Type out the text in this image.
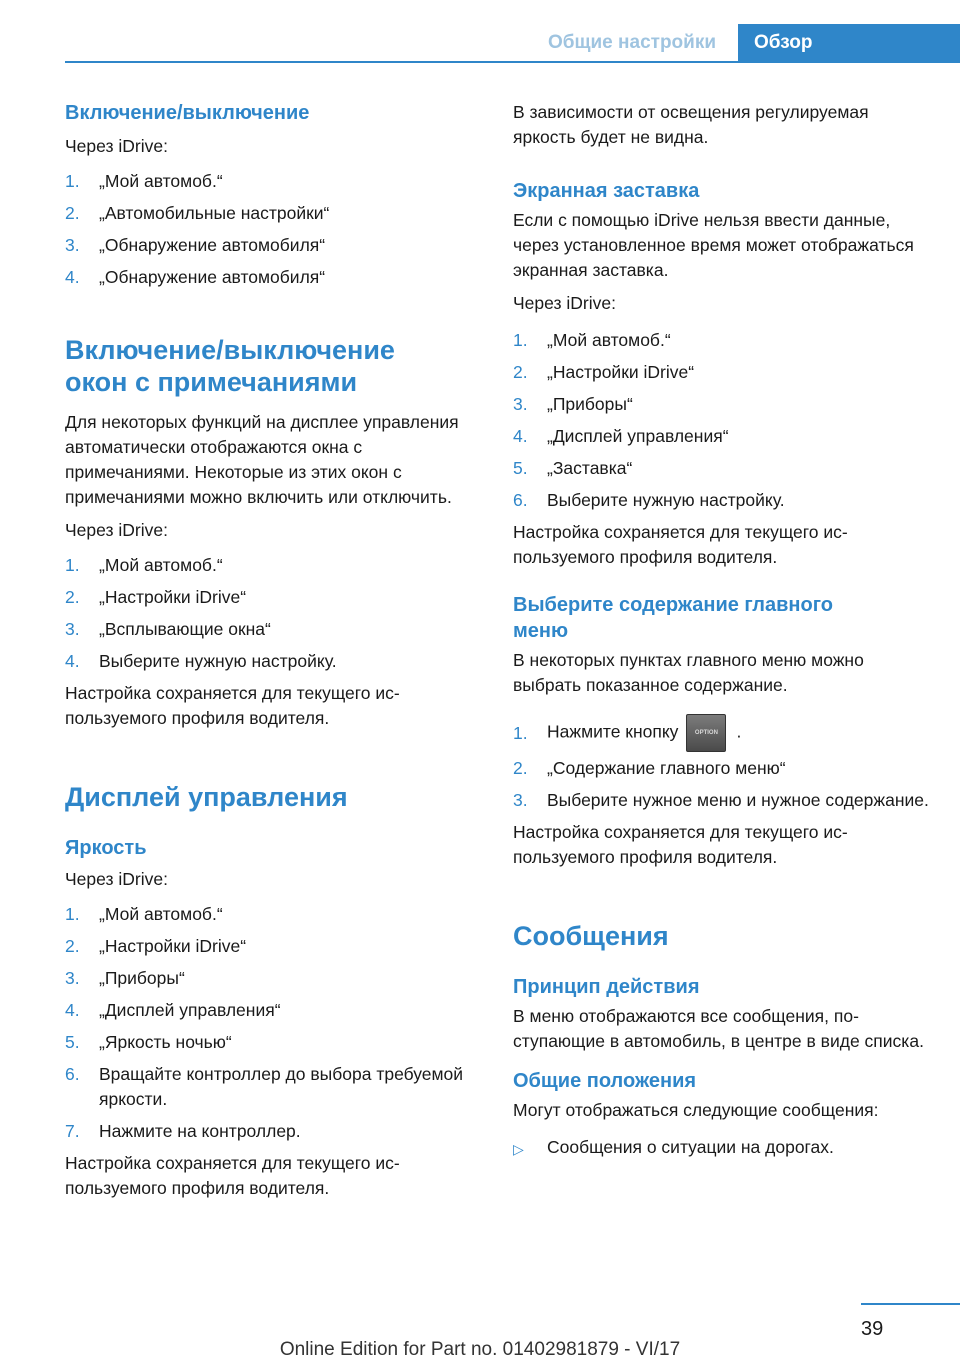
Общие настройки	Обзор
Включение/выключение
Через iDrive:
1.	„Мой автомоб.“
2.	„Автомобильные настройки“
3.	„Обнаружение автомобиля“
4.	„Обнаружение автомобиля“
Включение/выключение
окон с примечаниями
Для некоторых функций на дисплее управления автоматически отображаются окна с примечаниями. Некоторые из этих окон с примечаниями можно включить или отключить.
Через iDrive:
1.	„Мой автомоб.“
2.	„Настройки iDrive“
3.	„Всплывающие окна“
4.	Выберите нужную настройку.
Настройка сохраняется для текущего используемого профиля водителя.
Дисплей управления
Яркость
Через iDrive:
1.	„Мой автомоб.“
2.	„Настройки iDrive“
3.	„Приборы“
4.	„Дисплей управления“
5.	„Яркость ночью“
6.	Вращайте контроллер до выбора требуемой яркости.
7.	Нажмите на контроллер.
Настройка сохраняется для текущего используемого профиля водителя.
В зависимости от освещения регулируемая яркость будет не видна.
Экранная заставка
Если с помощью iDrive нельзя ввести данные, через установленное время может отображаться экранная заставка.
Через iDrive:
1.	„Мой автомоб.“
2.	„Настройки iDrive“
3.	„Приборы“
4.	„Дисплей управления“
5.	„Заставка“
6.	Выберите нужную настройку.
Настройка сохраняется для текущего используемого профиля водителя.
Выберите содержание главного меню
В некоторых пунктах главного меню можно выбрать показанное содержание.
1.	Нажмите кнопку	OPTION .
2.	„Содержание главного меню“
3.	Выберите нужное меню и нужное содержание.
Настройка сохраняется для текущего используемого профиля водителя.
Сообщения
Принцип действия
В меню отображаются все сообщения, поступающие в автомобиль, в центре в виде списка.
Общие положения
Могут отображаться следующие сообщения:
▷	Сообщения о ситуации на дорогах.
39
Online Edition for Part no. 01402981879 - VI/17
